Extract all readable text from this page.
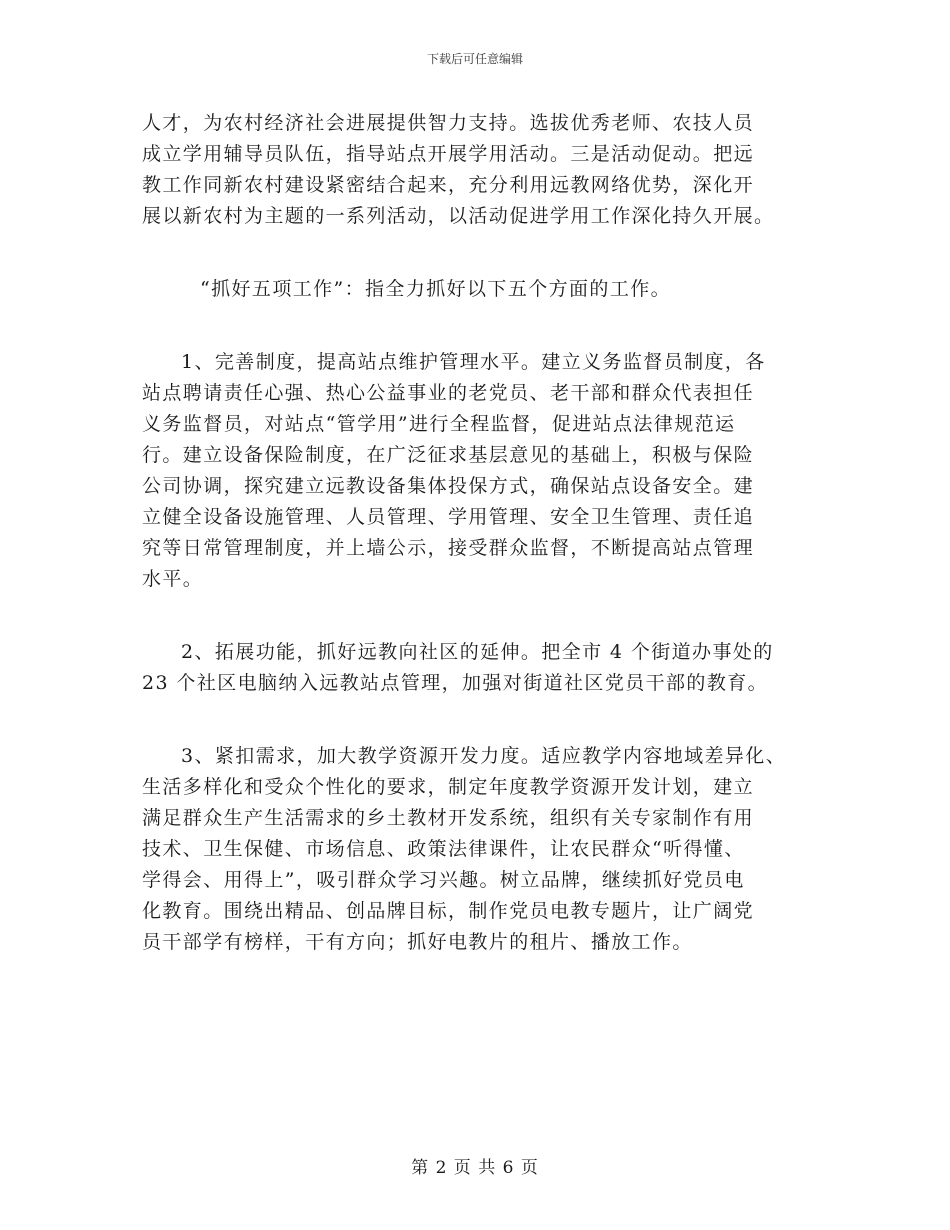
下载后可任意编辑
人才，为农村经济社会进展提供智力支持。选拔优秀老师、农技人员
成立学用辅导员队伍，指导站点开展学用活动。三是活动促动。把远
教工作同新农村建设紧密结合起来，充分利用远教网络优势，深化开
展以新农村为主题的一系列活动，以活动促进学用工作深化持久开展。
“抓好五项工作”：指全力抓好以下五个方面的工作。
1、完善制度，提高站点维护管理水平。建立义务监督员制度，各
站点聘请责任心强、热心公益事业的老党员、老干部和群众代表担任
义务监督员，对站点“管学用”进行全程监督，促进站点法律规范运
行。建立设备保险制度，在广泛征求基层意见的基础上，积极与保险
公司协调，探究建立远教设备集体投保方式，确保站点设备安全。建
立健全设备设施管理、人员管理、学用管理、安全卫生管理、责任追
究等日常管理制度，并上墙公示，接受群众监督，不断提高站点管理
水平。
2、拓展功能，抓好远教向社区的延伸。把全市 4 个街道办事处的
23 个社区电脑纳入远教站点管理，加强对街道社区党员干部的教育。
3、紧扣需求，加大教学资源开发力度。适应教学内容地域差异化、
生活多样化和受众个性化的要求，制定年度教学资源开发计划，建立
满足群众生产生活需求的乡土教材开发系统，组织有关专家制作有用
技术、卫生保健、市场信息、政策法律课件，让农民群众“听得懂、
学得会、用得上”，吸引群众学习兴趣。树立品牌，继续抓好党员电
化教育。围绕出精品、创品牌目标，制作党员电教专题片，让广阔党
员干部学有榜样，干有方向；抓好电教片的租片、播放工作。
第 2 页 共 6 页
